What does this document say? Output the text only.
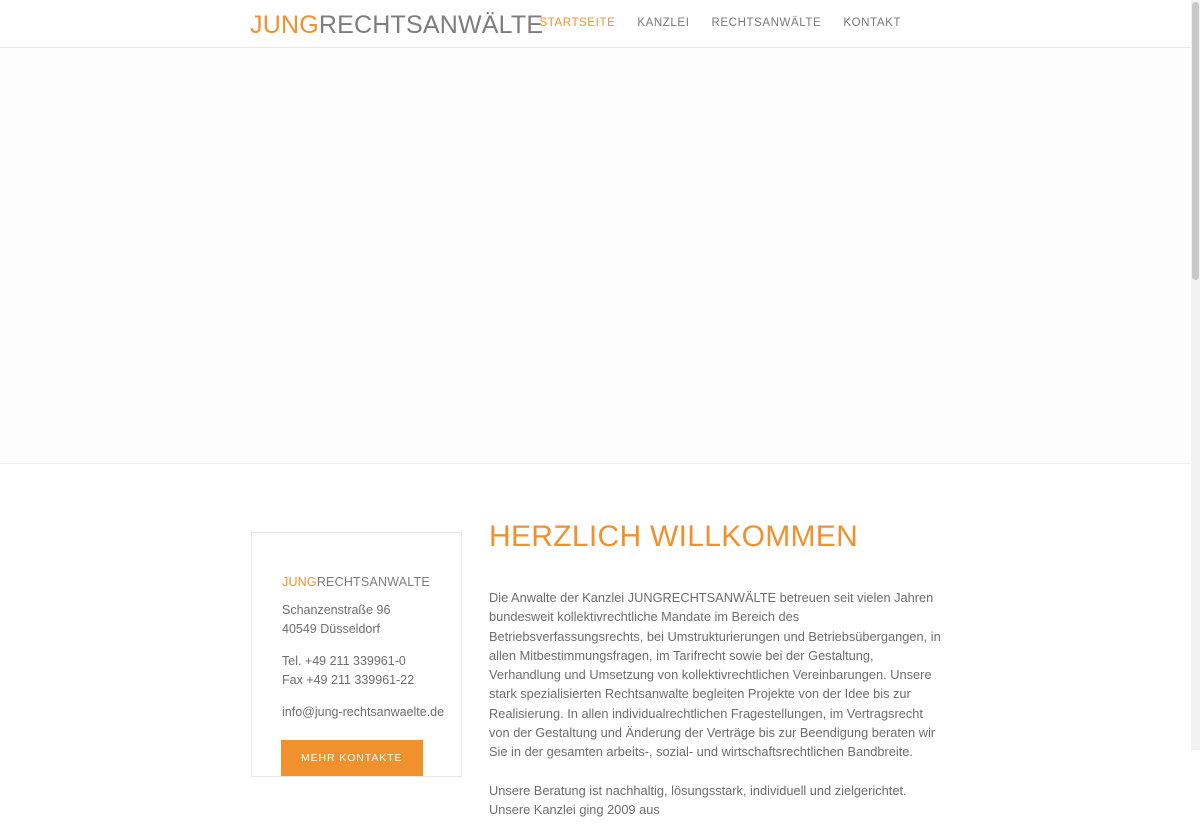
JUNGRECHTSANWÄLTE
STARTSEITE KANZLEI RECHTSANWÄLTE KONTAKT
JUNGRECHTSANWALTE
Schanzenstraße 96
40549 Düsseldorf
Tel. +49 211 339961-0
Fax +49 211 339961-22
info@jung-rechtsanwaelte.de
MEHR KONTAKTE
HERZLICH WILLKOMMEN

Die Anwalte der Kanzlei JUNGRECHTSANWÄLTE betreuen seit vielen Jahren bundesweit kollektivrechtliche Mandate im Bereich des Betriebsverfassungsrechts, bei Umstrukturierungen und Betriebsübergangen, in allen Mitbestimmungsfragen, im Tarifrecht sowie bei der Gestaltung, Verhandlung und Umsetzung von kollektivrechtlichen Vereinbarungen. Unsere stark spezialisierten Rechtsanwalte begleiten Projekte von der Idee bis zur Realisierung. In allen individualrechtlichen Fragestellungen, im Vertragsrecht von der Gestaltung und Änderung der Verträge bis zur Beendigung beraten wir Sie in der gesamten arbeits-, sozial- und wirtschaftsrechtlichen Bandbreite.

Unsere Beratung ist nachhaltig, lösungsstark, individuell und zielgerichtet. Unsere Kanzlei ging 2009 aus
